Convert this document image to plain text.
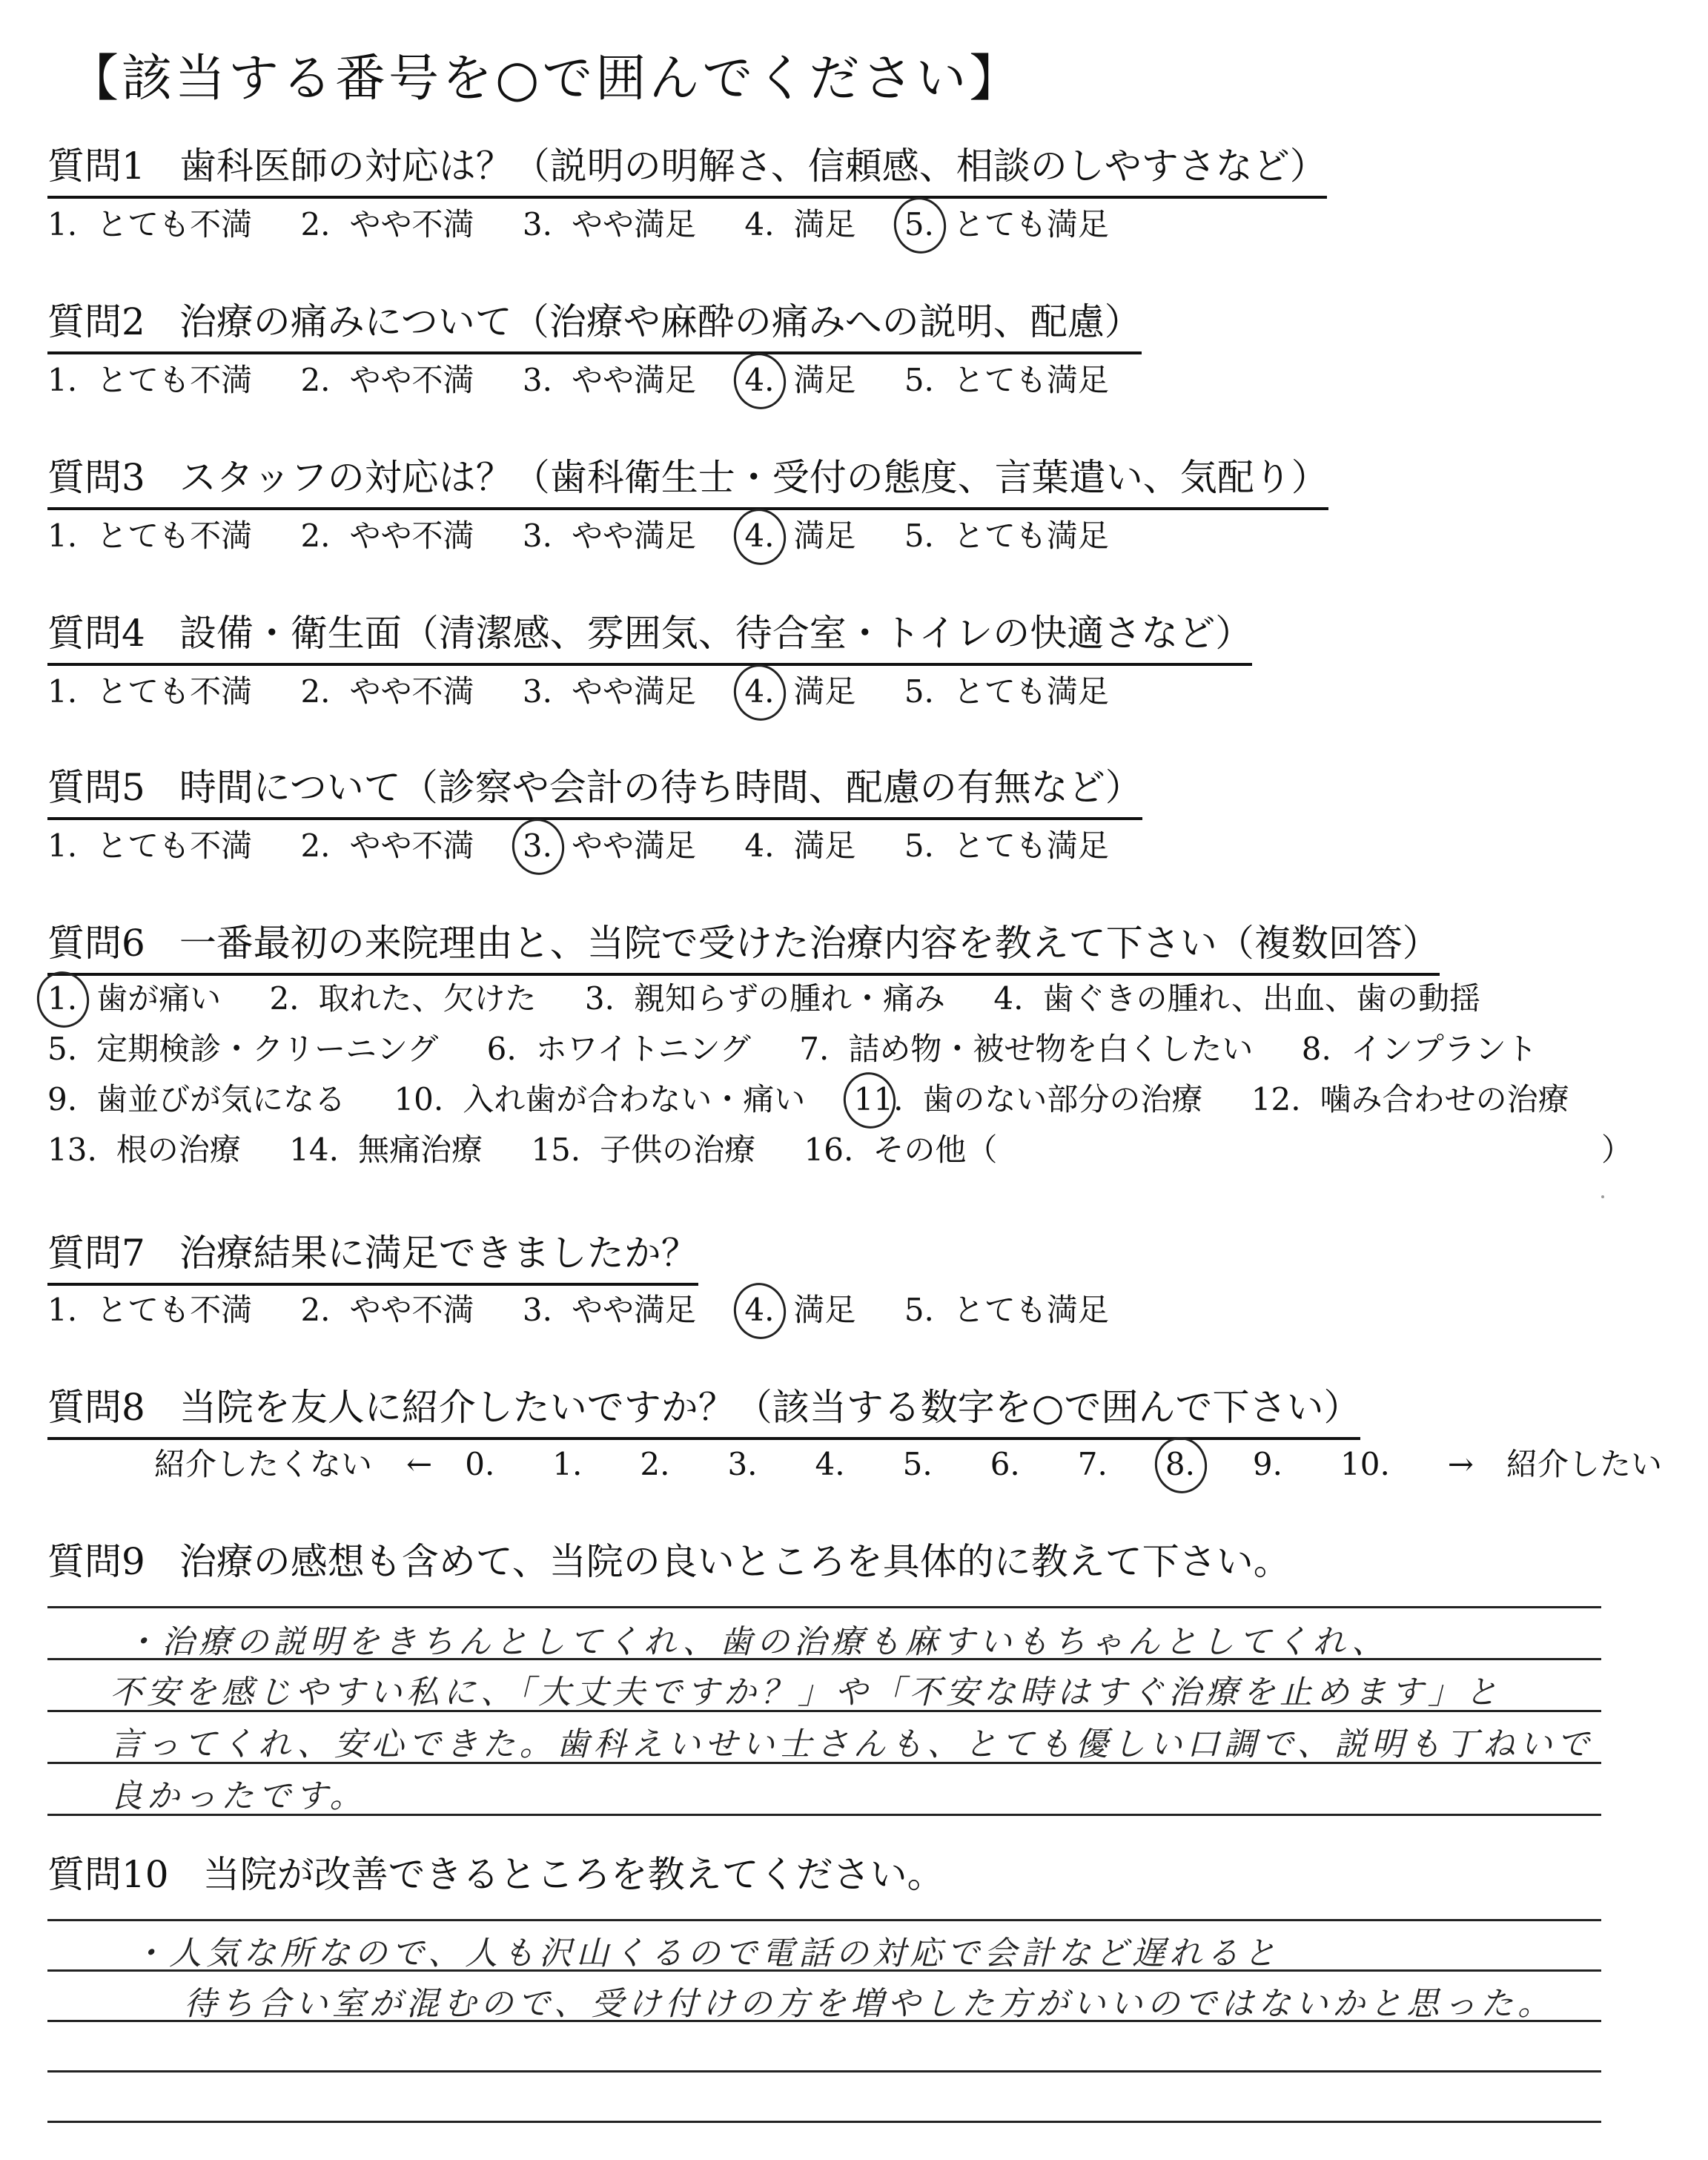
【該当する番号を○で囲んでください】
質問1 歯科医師の対応は？（説明の明解さ、信頼感、相談のしやすさなど）
1. とても不満 2. やや不満 3. やや満足 4. 満足 5. とても満足
質問2 治療の痛みについて（治療や麻酔の痛みへの説明、配慮）
1. とても不満 2. やや不満 3. やや満足 4. 満足 5. とても満足
質問3 スタッフの対応は？（歯科衛生士・受付の態度、言葉遣い、気配り）
1. とても不満 2. やや不満 3. やや満足 4. 満足 5. とても満足
質問4 設備・衛生面（清潔感、雰囲気、待合室・トイレの快適さなど）
1. とても不満 2. やや不満 3. やや満足 4. 満足 5. とても満足
質問5 時間について（診察や会計の待ち時間、配慮の有無など）
1. とても不満 2. やや不満 3. やや満足 4. 満足 5. とても満足
質問6 一番最初の来院理由と、当院で受けた治療内容を教えて下さい（複数回答）
1. 歯が痛い 2. 取れた、欠けた 3. 親知らずの腫れ・痛み 4. 歯ぐきの腫れ、出血、歯の動揺
5. 定期検診・クリーニング 6. ホワイトニング 7. 詰め物・被せ物を白くしたい 8. インプラント
9. 歯並びが気になる 10. 入れ歯が合わない・痛い 11. 歯のない部分の治療 12. 噛み合わせの治療
13. 根の治療 14. 無痛治療 15. 子供の治療 16. その他（	）
質問7 治療結果に満足できましたか？
1. とても不満 2. やや不満 3. やや満足 4. 満足 5. とても満足
質問8 当院を友人に紹介したいですか？（該当する数字を○で囲んで下さい）
紹介したくない ← 0. 1. 2. 3. 4. 5. 6. 7. 8. 9. 10. → 紹介したい
質問9 治療の感想も含めて、当院の良いところを具体的に教えて下さい。
・治療の説明をきちんとしてくれ、歯の治療も麻すいもちゃんとしてくれ、
不安を感じやすい私に、「大丈夫ですか？」や「不安な時はすぐ治療を止めます」と
言ってくれ、安心できた。歯科えいせい士さんも、とても優しい口調で、説明も丁ねいで
良かったです。
質問10 当院が改善できるところを教えてください。
・人気な所なので、人も沢山くるので電話の対応で会計など遅れると
待ち合い室が混むので、受け付けの方を増やした方がいいのではないかと思った。
